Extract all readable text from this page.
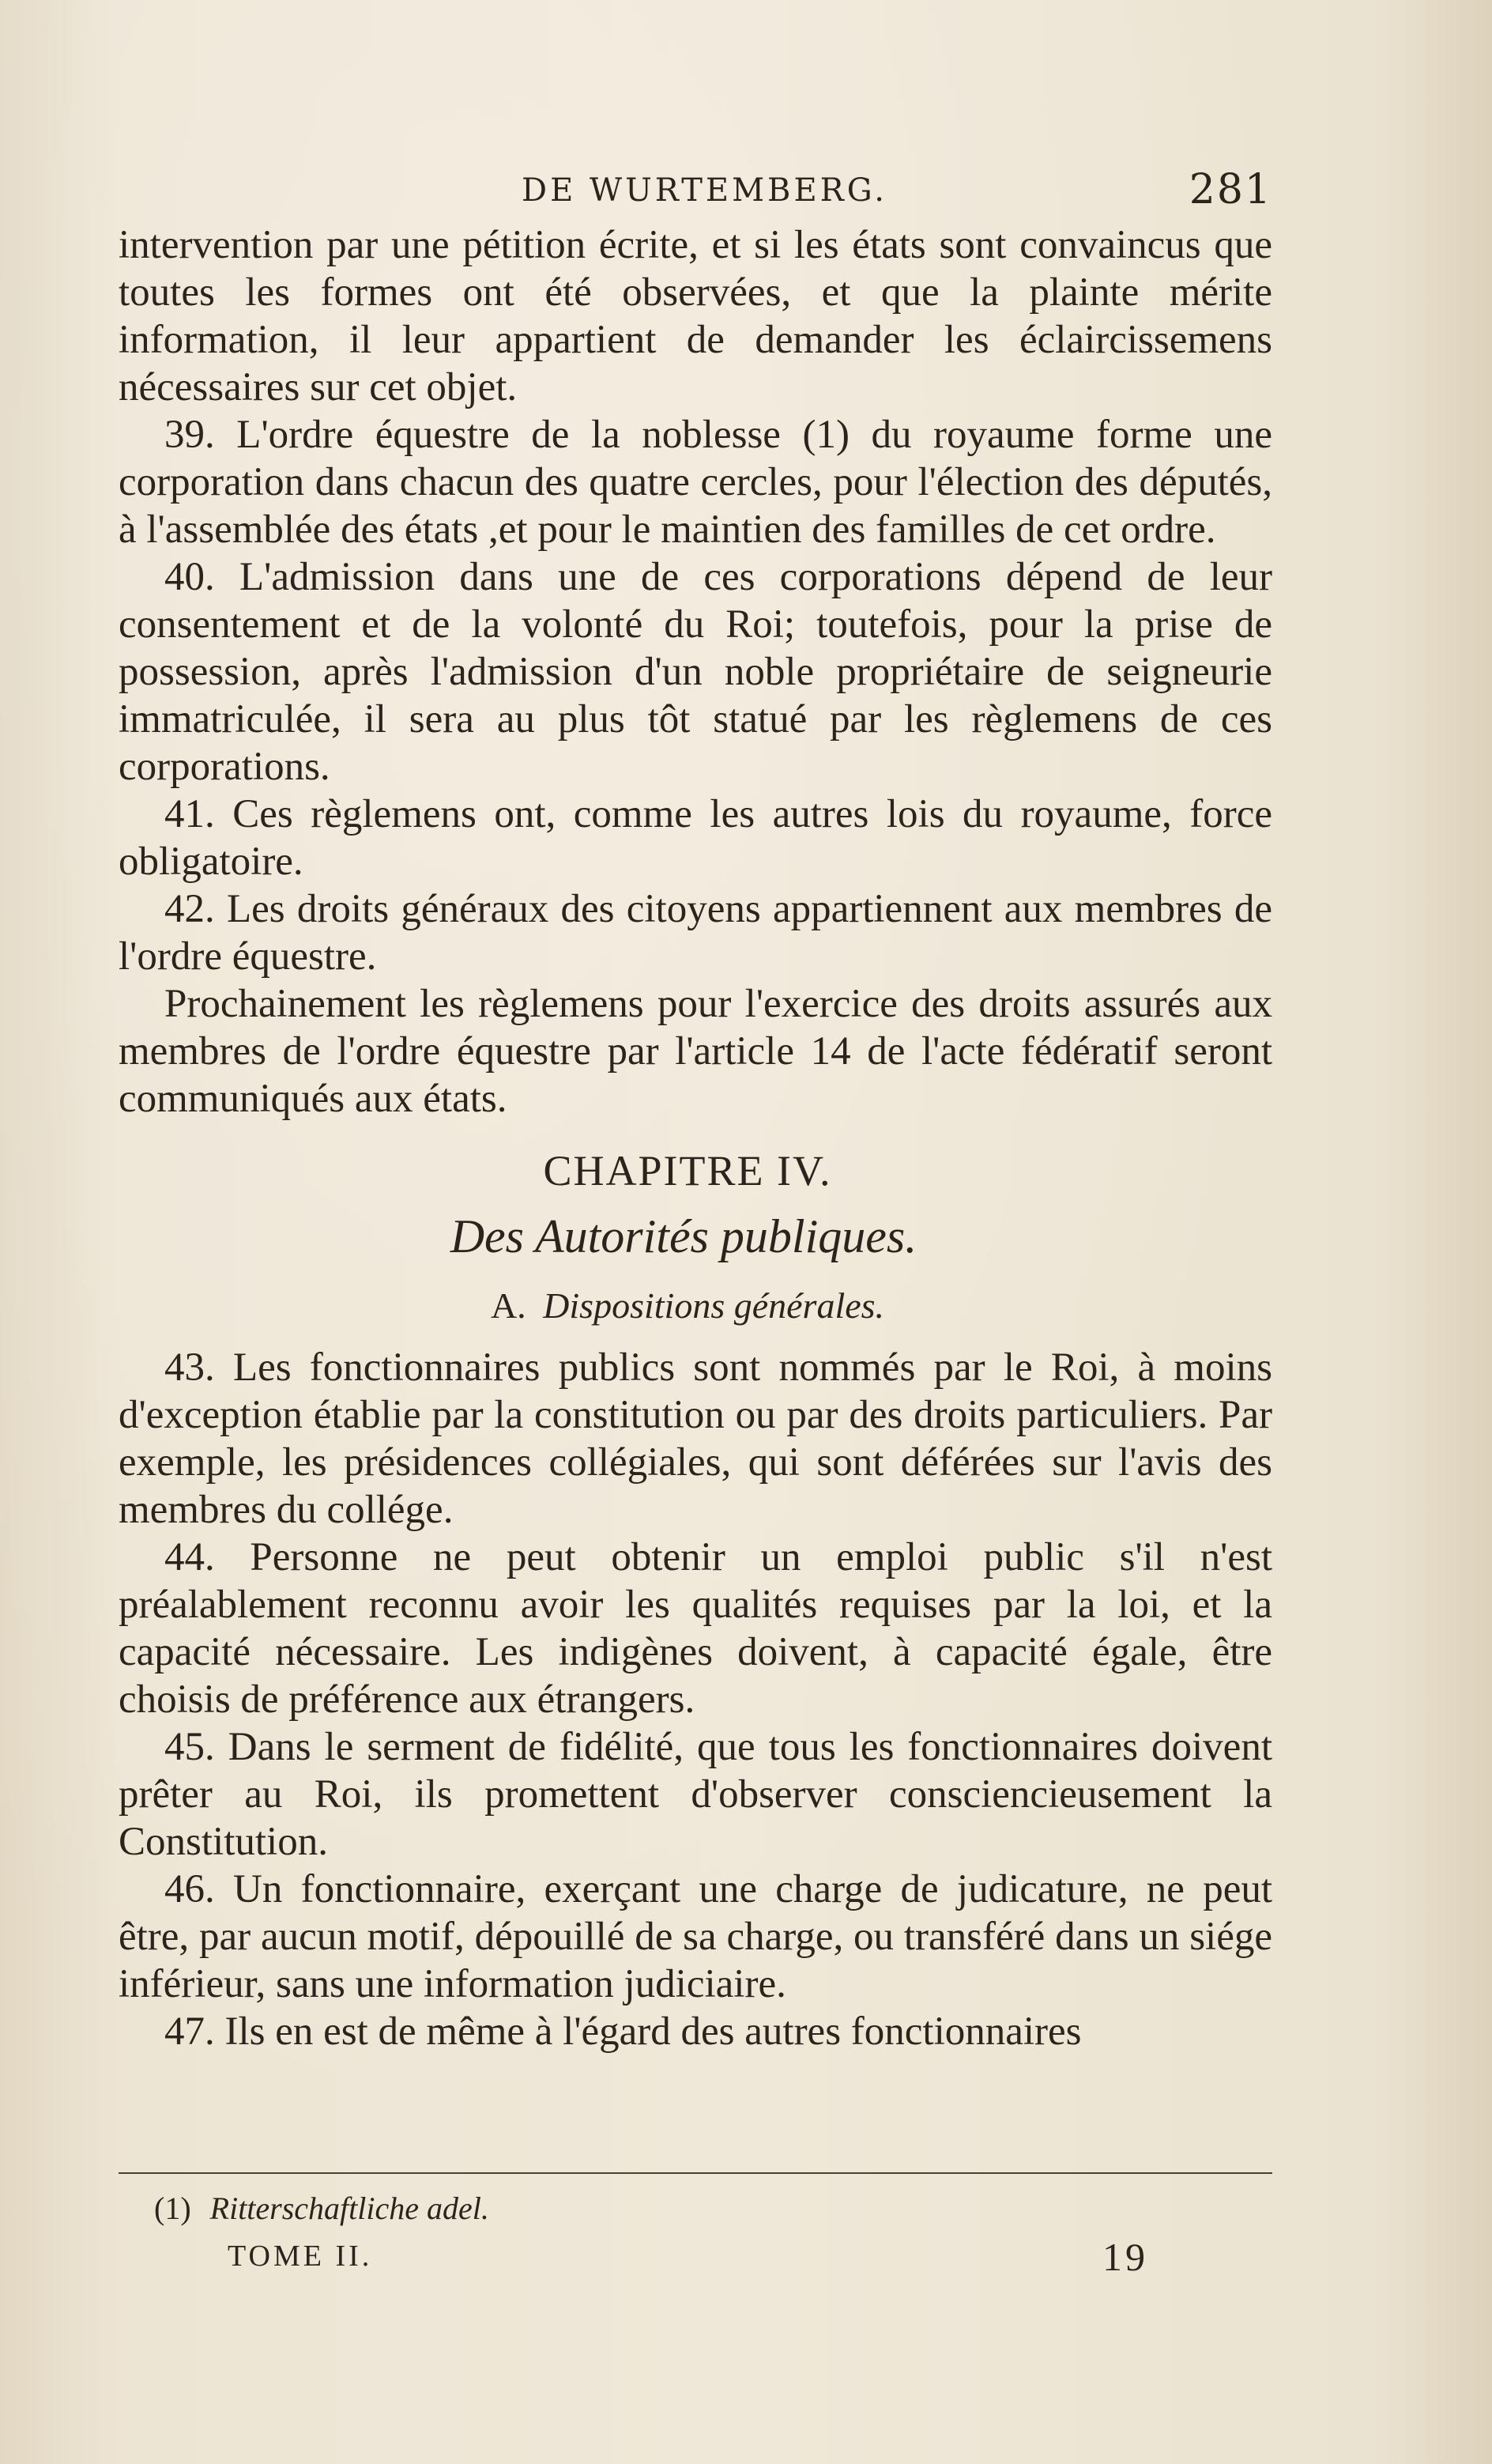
DE WURTEMBERG.	281

intervention par une pétition écrite, et si les états sont convaincus que toutes les formes ont été observées, et que la plainte mérite information, il leur appartient de demander les éclaircissemens nécessaires sur cet objet.

39. L'ordre équestre de la noblesse (1) du royaume forme une corporation dans chacun des quatre cercles, pour l'élection des députés, à l'assemblée des états ,et pour le maintien des familles de cet ordre.

40. L'admission dans une de ces corporations dépend de leur consentement et de la volonté du Roi; toutefois, pour la prise de possession, après l'admission d'un noble propriétaire de seigneurie immatriculée, il sera au plus tôt statué par les règlemens de ces corporations.

41. Ces règlemens ont, comme les autres lois du royaume, force obligatoire.

42. Les droits généraux des citoyens appartiennent aux membres de l'ordre équestre.

Prochainement les règlemens pour l'exercice des droits assurés aux membres de l'ordre équestre par l'article 14 de l'acte fédératif seront communiqués aux états.

CHAPITRE IV.
Des Autorités publiques.
A. Dispositions générales.

43. Les fonctionnaires publics sont nommés par le Roi, à moins d'exception établie par la constitution ou par des droits particuliers. Par exemple, les présidences collégiales, qui sont déférées sur l'avis des membres du collége.

44. Personne ne peut obtenir un emploi public s'il n'est préalablement reconnu avoir les qualités requises par la loi, et la capacité nécessaire. Les indigènes doivent, à capacité égale, être choisis de préférence aux étrangers.

45. Dans le serment de fidélité, que tous les fonctionnaires doivent prêter au Roi, ils promettent d'observer consciencieusement la Constitution.

46. Un fonctionnaire, exerçant une charge de judicature, ne peut être, par aucun motif, dépouillé de sa charge, ou transféré dans un siége inférieur, sans une information judiciaire.

47. Ils en est de même à l'égard des autres fonctionnaires

(1) Ritterschaftliche adel.
TOME II.	19
